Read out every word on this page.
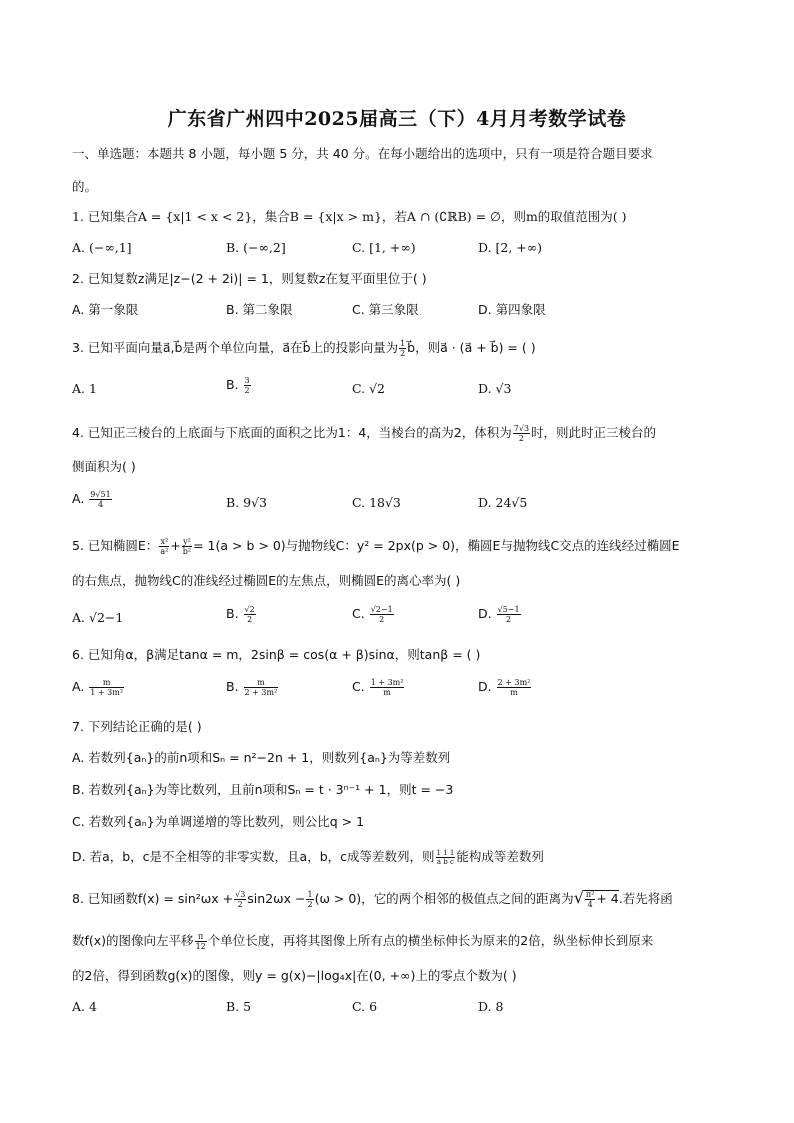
广东省广州四中2025届高三（下）4月月考数学试卷
一、单选题：本题共 8 小题，每小题 5 分，共 40 分。在每小题给出的选项中，只有一项是符合题目要求
的。
1. 已知集合A = {x|1 < x < 2}，集合B = {x|x > m}，若A ∩ (∁ℝB) = ∅，则m的取值范围为( )
A. (−∞,1]	B. (−∞,2]	C. [1, +∞)	D. [2, +∞)
2. 已知复数z满足|z−(2 + 2i)| = 1，则复数z在复平面里位于( )
A. 第一象限	B. 第二象限	C. 第三象限	D. 第四象限
3. 已知平面向量a⃗,b⃗是两个单位向量，a⃗在b⃗上的投影向量为 $\frac{1}{2}$ b⃗，则a⃗ · (a⃗ + b⃗) = ( )
A. 1	B. $\frac{3}{2}$	C. √2	D. √3
4. 已知正三棱台的上底面与下底面的面积之比为1：4，当棱台的高为2，体积为 $\frac{7√3}{2}$ 时，则此时正三棱台的
侧面积为( )
A. $\frac{9√51}{4}$	B. 9√3	C. 18√3	D. 24√5
5. 已知椭圆E： $\frac{\text{x²}}{\text{a²}} + \frac{\text{y²}}{\text{b²}} = 1(a > b > 0)$与抛物线C：y² = 2px(p > 0)，椭圆E与抛物线C交点的连线经过椭圆E
的右焦点，抛物线C的准线经过椭圆E的左焦点，则椭圆E的离心率为( )
A. √2−1	B. $\frac{√2}{2}$	C. $\frac{√2-1}{2}$	D. $\frac{√5-1}{2}$
6. 已知角α，β满足tanα = m，2sinβ = cos(α + β)sinα，则tanβ = ( )
A. $\frac{m}{\text{1 + 3m²}}$	B. $\frac{m}{\text{2 + 3m²}}$	C. $\frac{\text{1 + 3m²}}{m}$	D. $\frac{\text{2 + 3m²}}{m}$
7. 下列结论正确的是( )
A. 若数列{aₙ}的前n项和Sₙ = n²−2n + 1，则数列{aₙ}为等差数列
B. 若数列{aₙ}为等比数列，且前n项和Sₙ = t · 3ⁿ⁻¹ + 1，则t = −3
C. 若数列{aₙ}为单调递增的等比数列，则公比q > 1
D. 若a，b，c是不全相等的非零实数，且a，b，c成等差数列，则 $\frac{1 1 1}{\text{a b c}}$ 能构成等差数列
8. 已知函数$f(x) = \sin^2\omega x + \frac{√3}{2} \sin 2\omega x - \frac{1}{2} (\omega > 0)$，它的两个相邻的极值点之间的距离为√ $\frac{\text{π²}}{4} + 4$.若先将函
数f(x)的图像向左平移 $\frac{\pi}{12}$ 个单位长度，再将其图像上所有点的横坐标伸长为原来的2倍，纵坐标伸长到原来
的2倍，得到函数g(x)的图像，则y = g(x)−|log₄x|在(0, +∞)上的零点个数为( )
A. 4	B. 5	C. 6	D. 8
